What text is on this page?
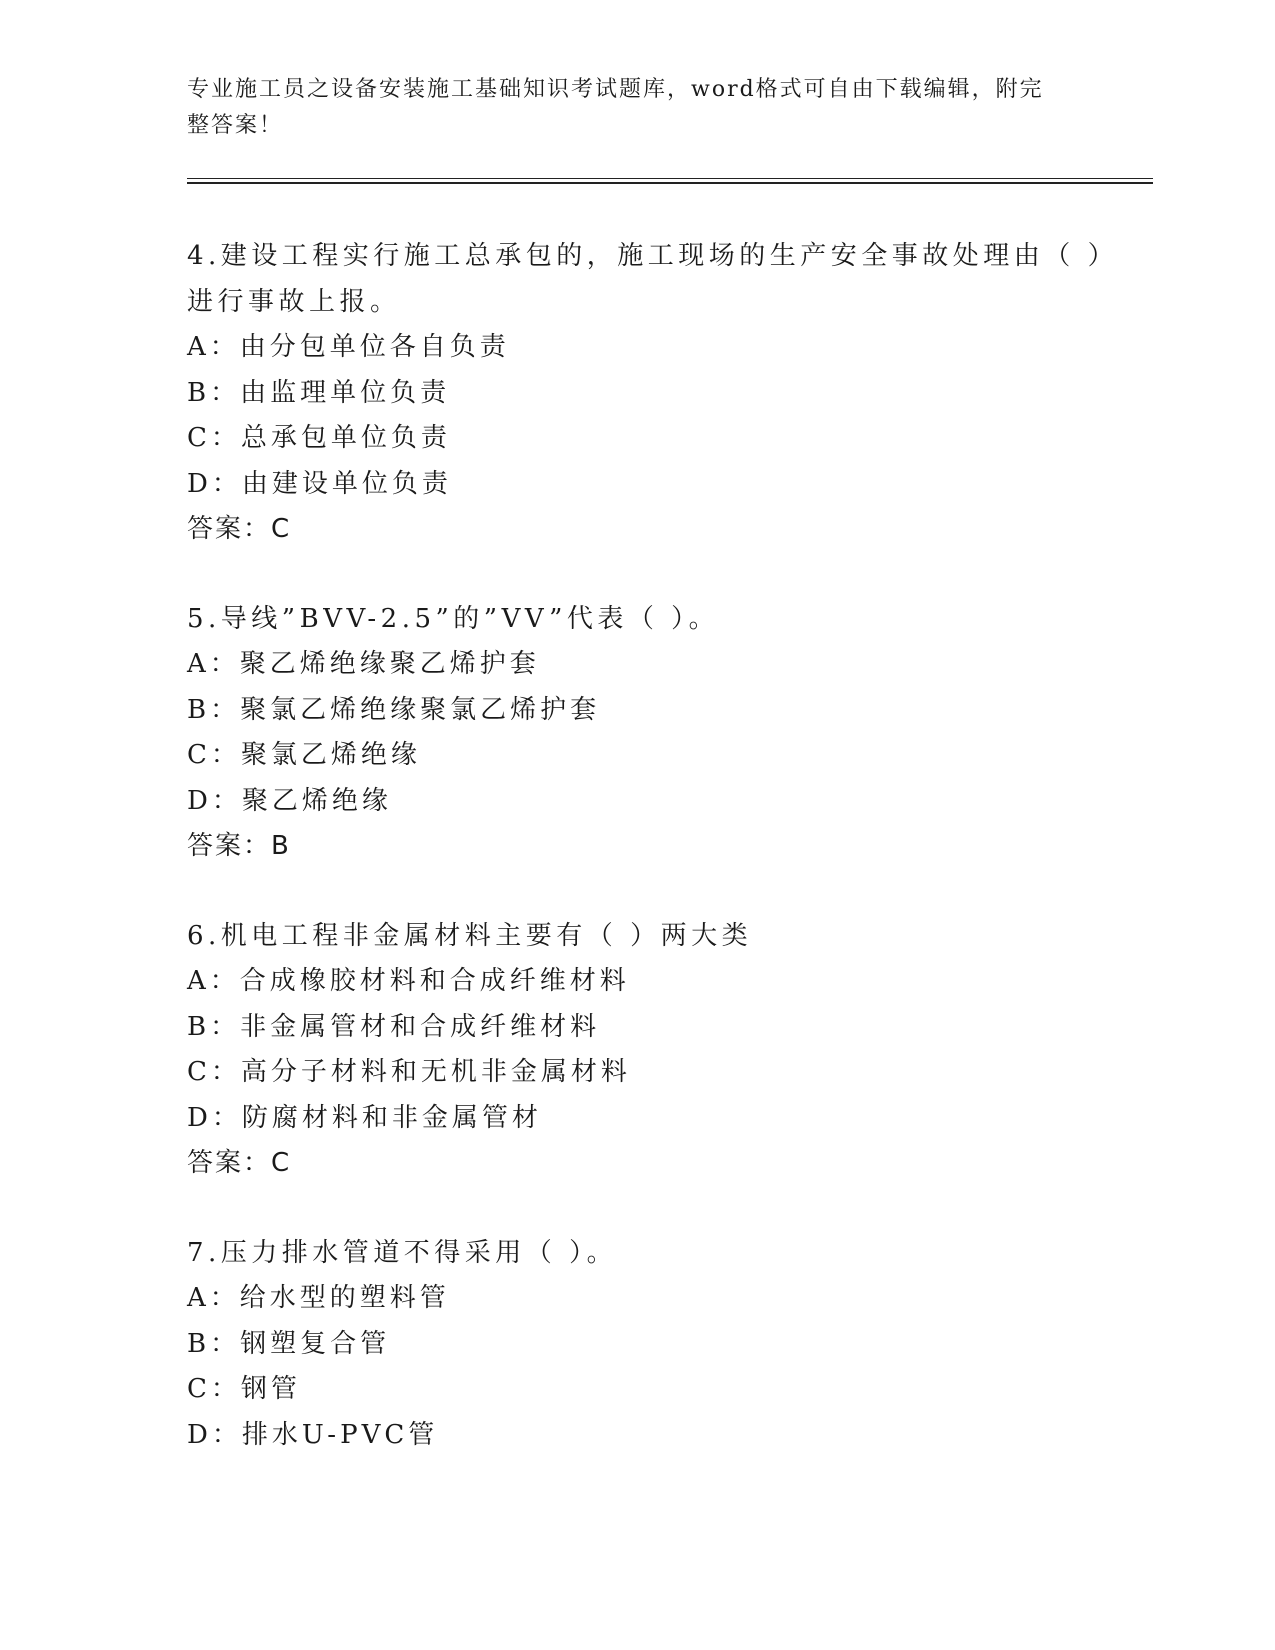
专业施工员之设备安装施工基础知识考试题库，word格式可自由下载编辑，附完整答案！
4.建设工程实行施工总承包的，施工现场的生产安全事故处理由（ ）进行事故上报。
A：由分包单位各自负责
B：由监理单位负责
C：总承包单位负责
D：由建设单位负责
答案：C
5.导线”BVV-2.5”的”VV”代表（ ）。
A：聚乙烯绝缘聚乙烯护套
B：聚氯乙烯绝缘聚氯乙烯护套
C：聚氯乙烯绝缘
D：聚乙烯绝缘
答案：B
6.机电工程非金属材料主要有（ ）两大类
A：合成橡胶材料和合成纤维材料
B：非金属管材和合成纤维材料
C：高分子材料和无机非金属材料
D：防腐材料和非金属管材
答案：C
7.压力排水管道不得采用（ ）。
A：给水型的塑料管
B：钢塑复合管
C：钢管
D：排水U-PVC管
